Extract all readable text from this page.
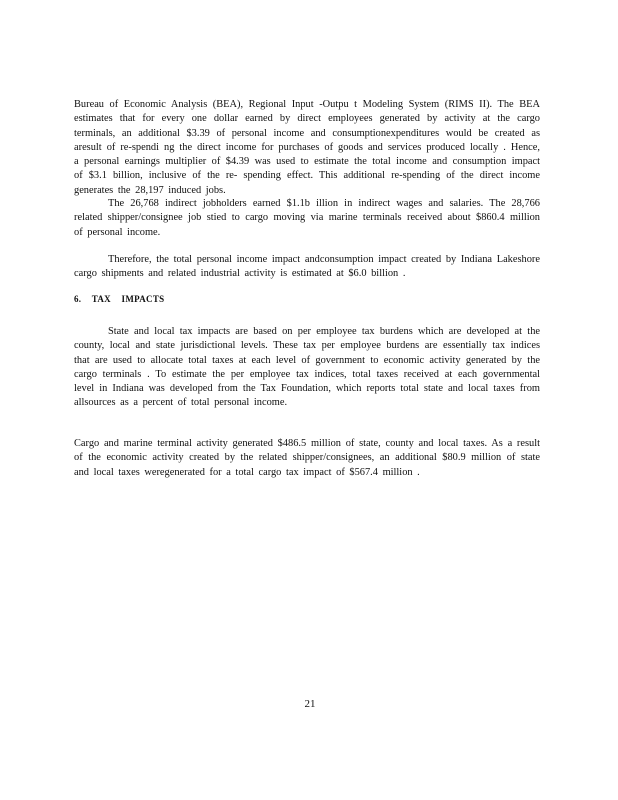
Bureau of Economic Analysis (BEA), Regional Input -Outpu t Modeling System (RIMS II). The BEA estimates that for every one dollar earned by direct employees generated by activity at the cargo terminals, an additional $3.39 of personal income and consumptionexpenditures would be created as aresult of re-spendi ng the direct income for purchases of goods and services produced locally . Hence, a personal earnings multiplier of $4.39 was used to estimate the total income and consumption impact of $3.1 billion, inclusive of the re- spending effect. This additional re-spending of the direct income generates the 28,197 induced jobs.

The 26,768 indirect jobholders earned $1.1b illion in indirect wages and salaries. The 28,766 related shipper/consignee job stied to cargo moving via marine terminals received about $860.4 million of personal income.

Therefore, the total personal income impact andconsumption impact created by Indiana Lakeshore cargo shipments and related industrial activity is estimated at $6.0 billion .

6. TAX IMPACTS

State and local tax impacts are based on per employee tax burdens which are developed at the county, local and state jurisdictional levels. These tax per employee burdens are essentially tax indices that are used to allocate total taxes at each level of government to economic activity generated by the cargo terminals . To estimate the per employee tax indices, total taxes received at each governmental level in Indiana was developed from the Tax Foundation, which reports total state and local taxes from allsources as a percent of total personal income.

Cargo and marine terminal activity generated $486.5 million of state, county and local taxes. As a result of the economic activity created by the related shipper/consignees, an additional $80.9 million of state and local taxes weregenerated for a total cargo tax impact of $567.4 million .

21
